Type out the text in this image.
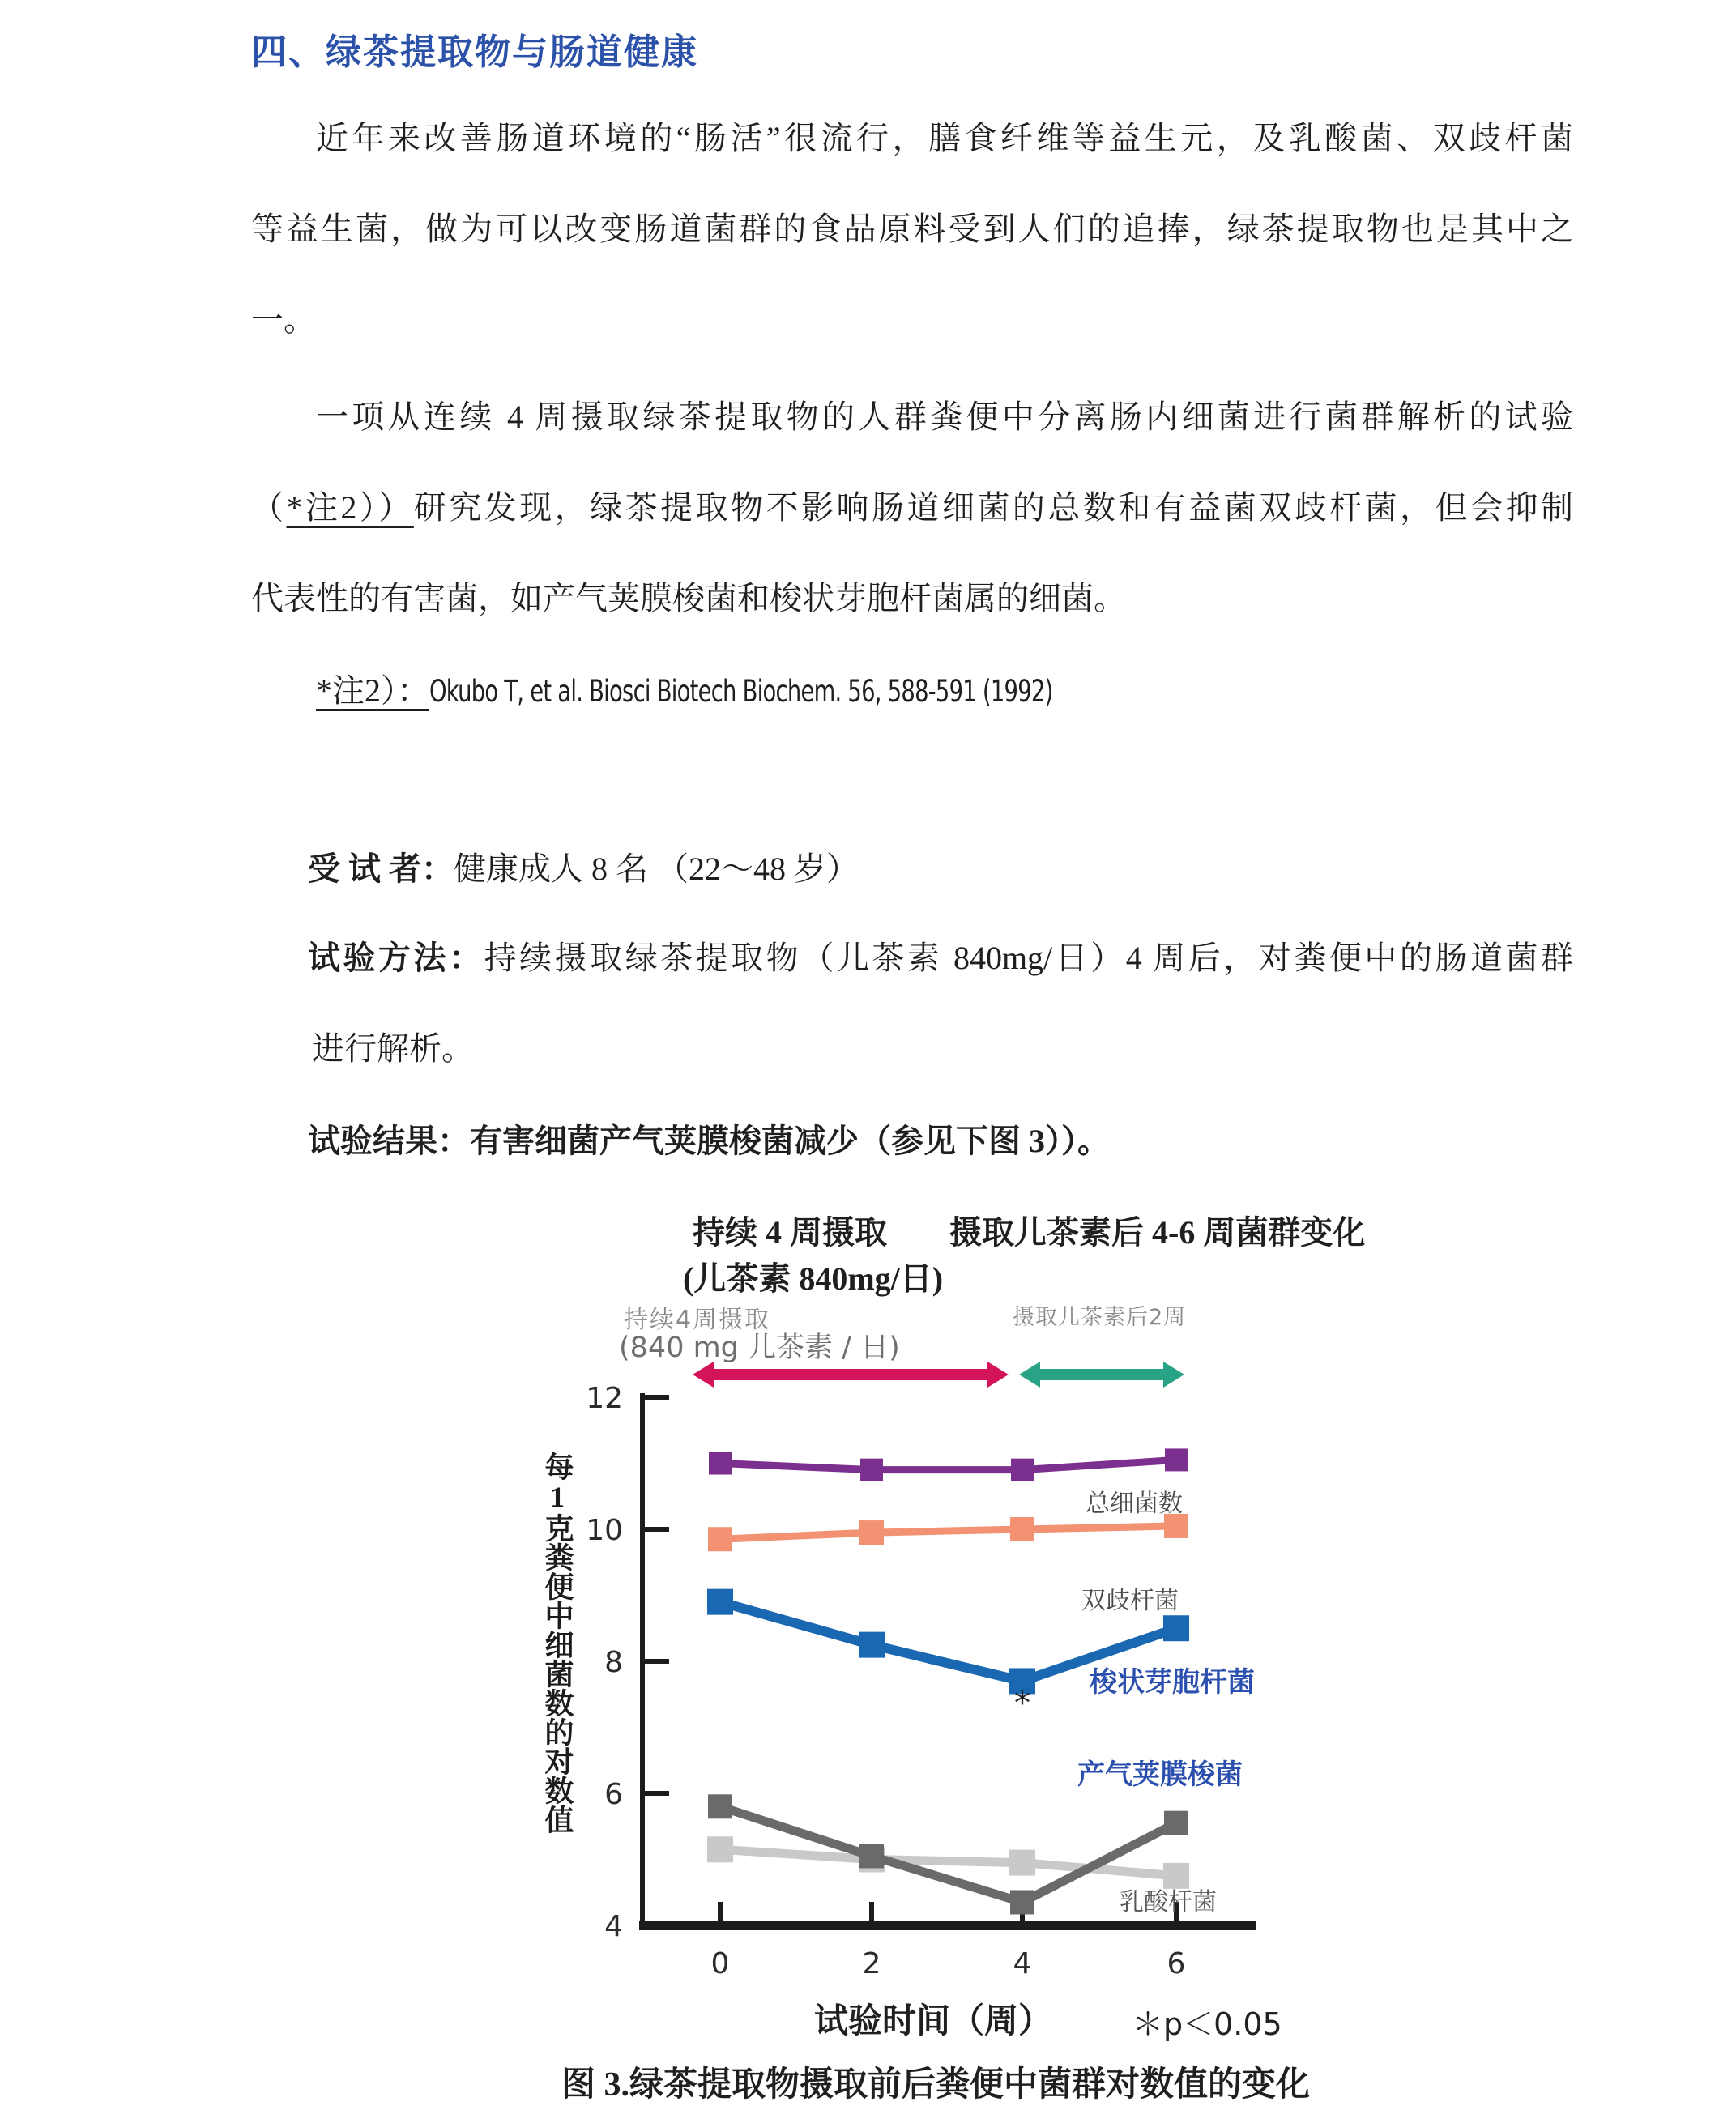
四、绿茶提取物与肠道健康
近年来改善肠道环境的“肠活”很流行，膳食纤维等益生元，及乳酸菌、双歧杆菌
等益生菌，做为可以改变肠道菌群的食品原料受到人们的追捧，绿茶提取物也是其中之
一。
一项从连续 4 周摄取绿茶提取物的人群粪便中分离肠内细菌进行菌群解析的试验
（*注2））研究发现，绿茶提取物不影响肠道细菌的总数和有益菌双歧杆菌，但会抑制
代表性的有害菌，如产气荚膜梭菌和梭状芽胞杆菌属的细菌。
*注2）：Okubo T, et al. Biosci Biotech Biochem. 56, 588-591 (1992)
受 试 者：健康成人 8 名 （22～48 岁）
试验方法：持续摄取绿茶提取物（儿茶素 840mg/日）4 周后，对粪便中的肠道菌群
进行解析。
试验结果：有害细菌产气荚膜梭菌减少（参见下图 3））。
持续 4 周摄取
(儿茶素 840mg/日)
摄取儿茶素后 4-6 周菌群变化
持续4周摄取
(840 mg 儿茶素 / 日)
摄取儿茶素后2周
12
10
8
6
4
0	2	4	6
总细菌数
双歧杆菌
梭状芽胞杆菌
产气荚膜梭菌
乳酸杆菌
*
每1克粪便中细菌数的对数值
试验时间（周）	＊p＜0.05
图 3.绿茶提取物摄取前后粪便中菌群对数值的变化
